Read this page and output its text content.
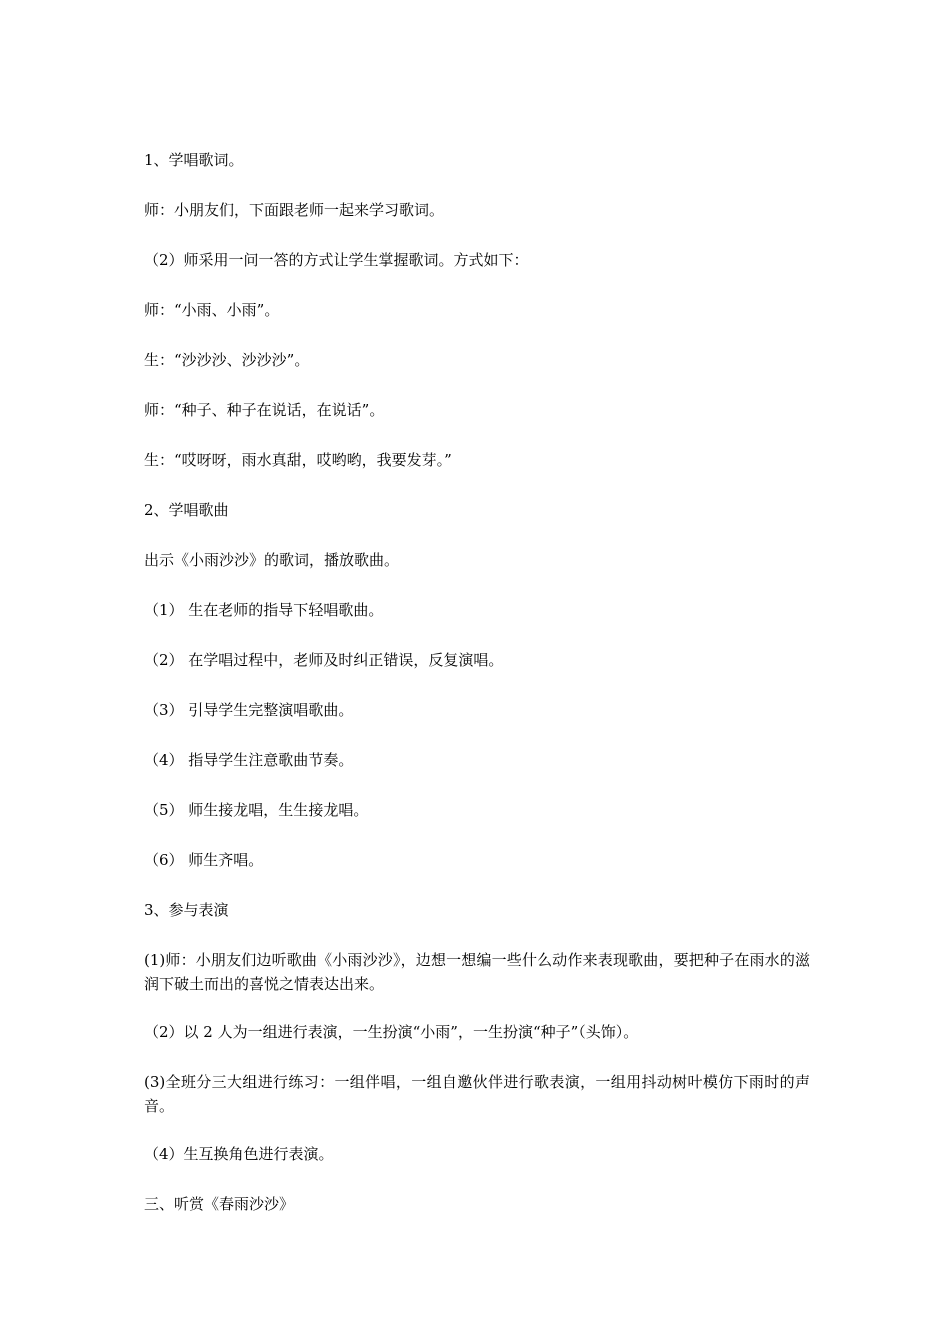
1、学唱歌词。

师：小朋友们，下面跟老师一起来学习歌词。

（2）师采用一问一答的方式让学生掌握歌词。方式如下：

师：“小雨、小雨”。

生：“沙沙沙、沙沙沙”。

师：“种子、种子在说话，在说话”。

生：“哎呀呀，雨水真甜，哎哟哟，我要发芽。”

2、学唱歌曲

出示《小雨沙沙》的歌词，播放歌曲。

（1） 生在老师的指导下轻唱歌曲。

（2） 在学唱过程中，老师及时纠正错误，反复演唱。

（3） 引导学生完整演唱歌曲。

（4） 指导学生注意歌曲节奏。

（5） 师生接龙唱，生生接龙唱。

（6） 师生齐唱。

3、参与表演

(1)师：小朋友们边听歌曲《小雨沙沙》，边想一想编一些什么动作来表现歌曲，要把种子在雨水的滋润下破土而出的喜悦之情表达出来。

（2）以 2 人为一组进行表演，一生扮演“小雨”，一生扮演“种子”（头饰）。

(3)全班分三大组进行练习：一组伴唱，一组自邀伙伴进行歌表演，一组用抖动树叶模仿下雨时的声音。

（4）生互换角色进行表演。

三、听赏《春雨沙沙》
